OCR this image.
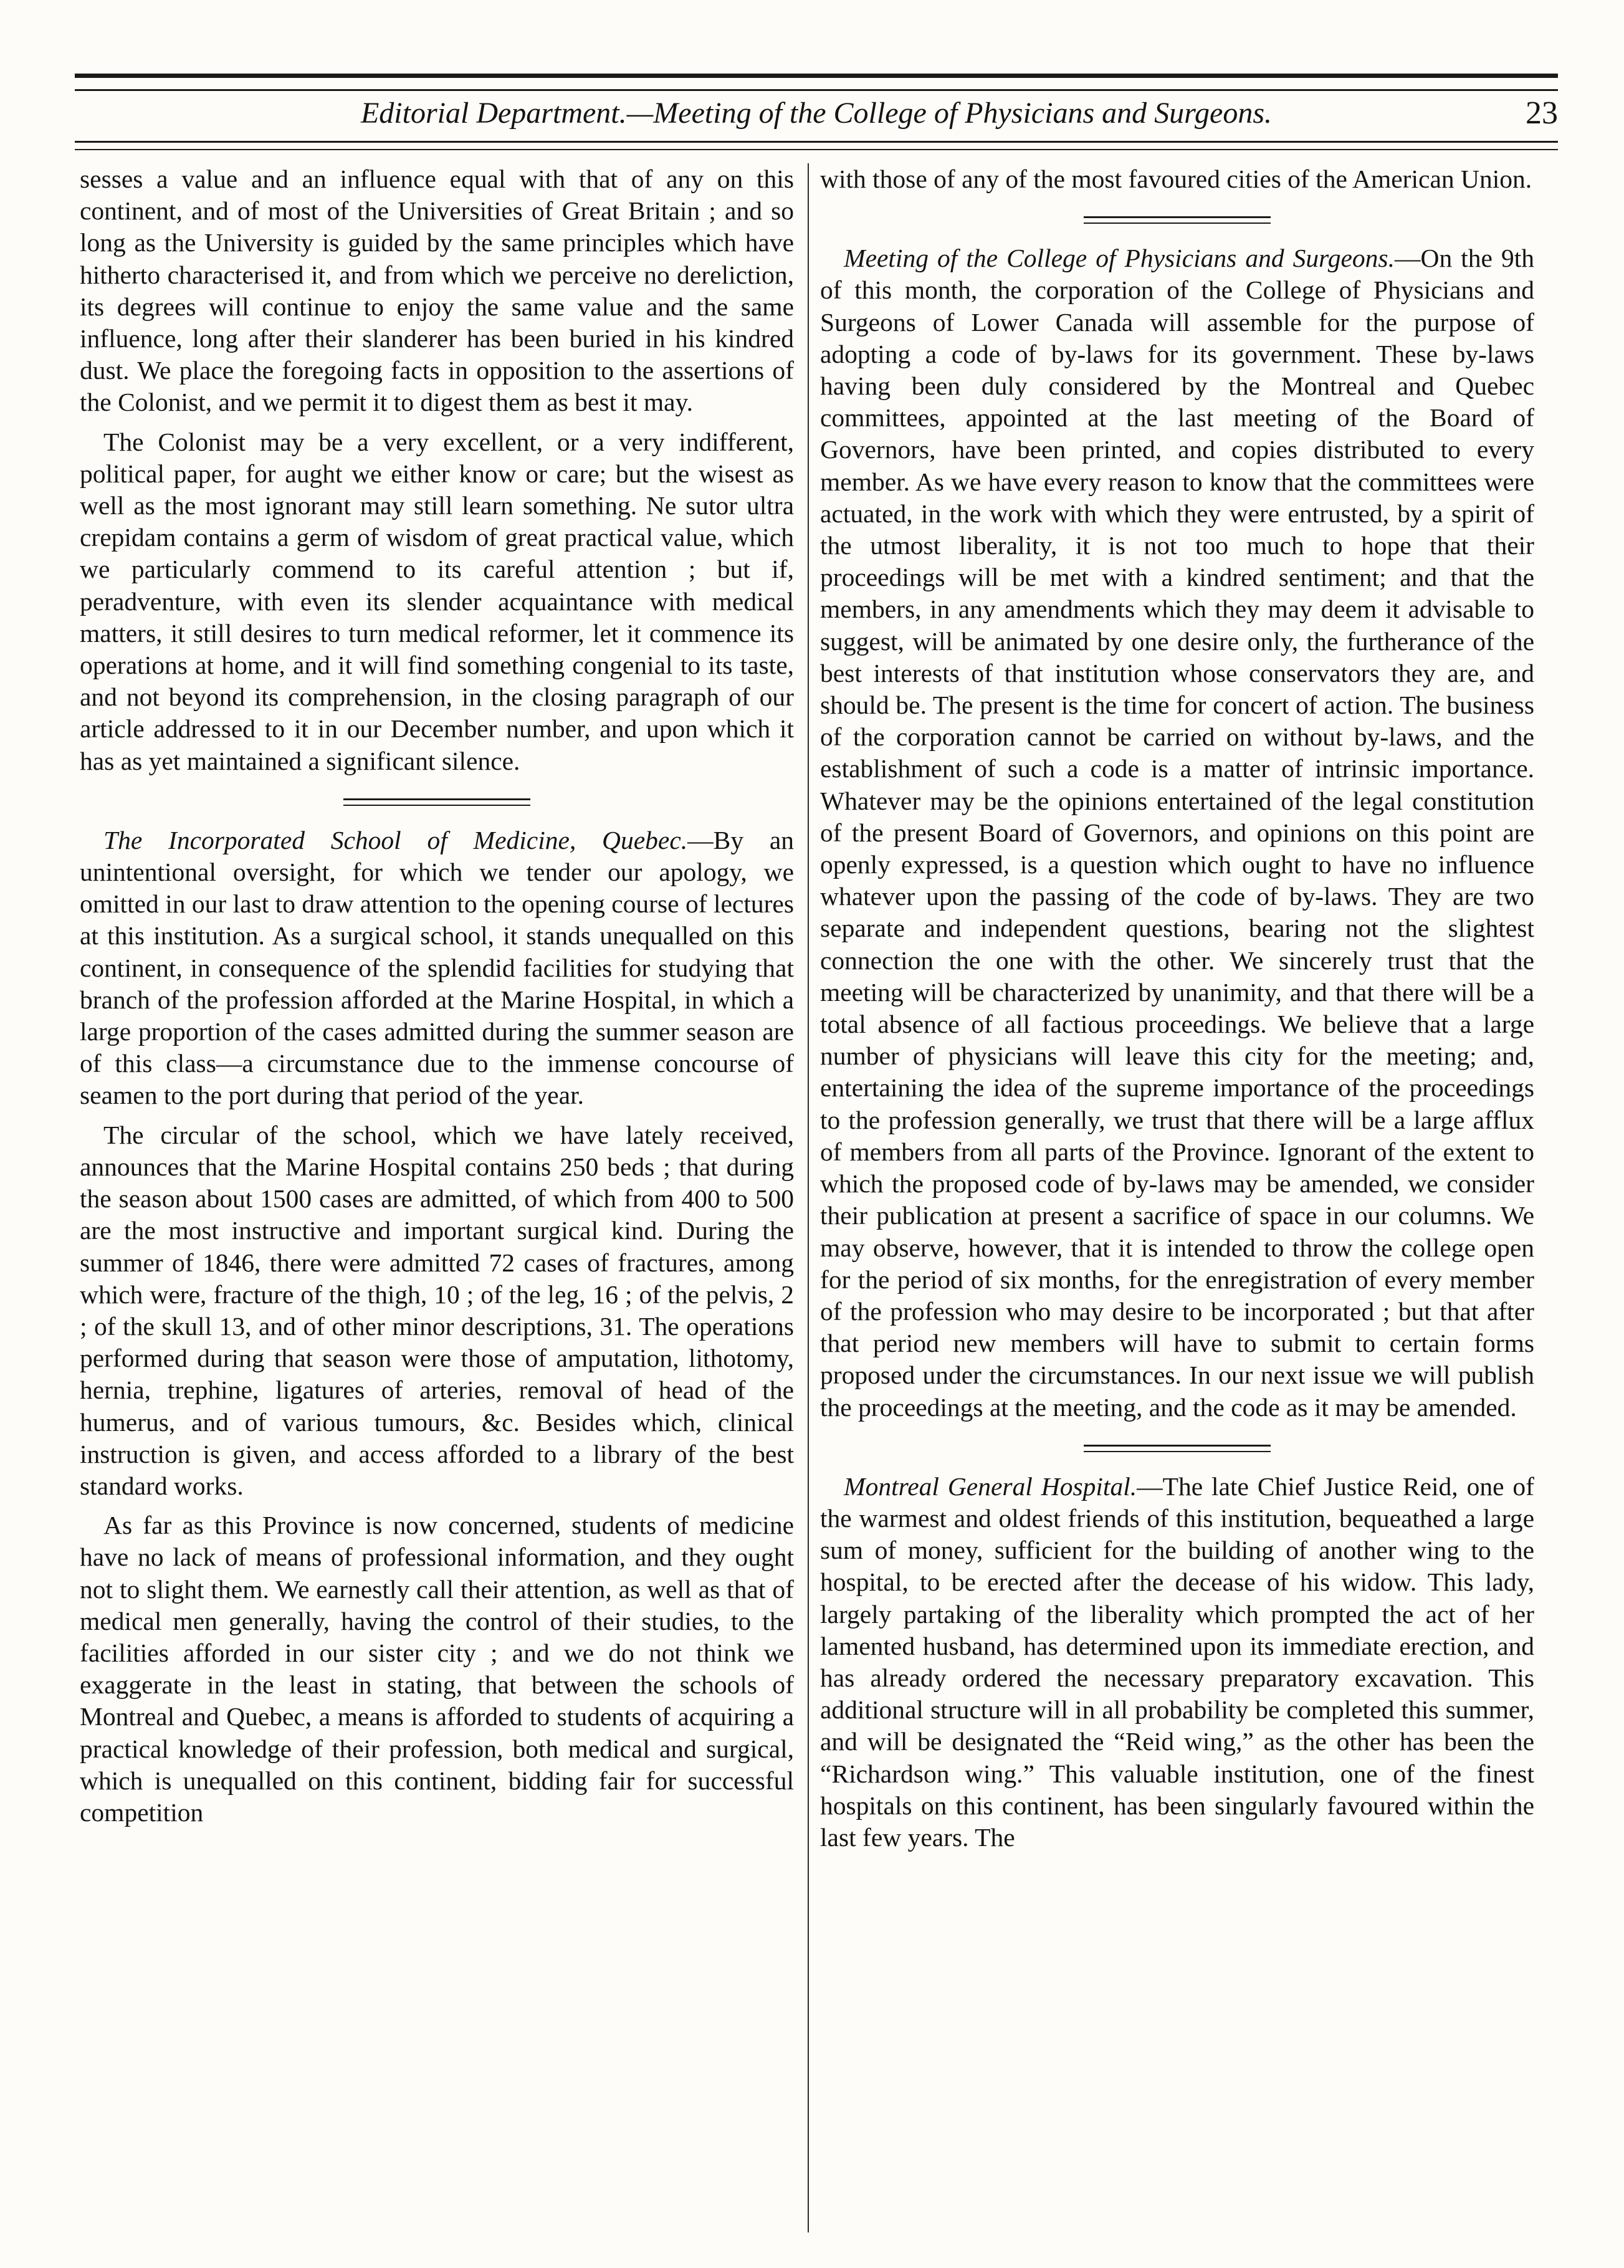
Editorial Department.—Meeting of the College of Physicians and Surgeons.	23

sesses a value and an influence equal with that of any on this continent, and of most of the Universities of Great Britain ; and so long as the University is guided by the same principles which have hitherto characterised it, and from which we perceive no dereliction, its degrees will continue to enjoy the same value and the same influence, long after their slanderer has been buried in his kindred dust. We place the foregoing facts in opposition to the assertions of the Colonist, and we permit it to digest them as best it may.

The Colonist may be a very excellent, or a very indifferent, political paper, for aught we either know or care; but the wisest as well as the most ignorant may still learn something. Ne sutor ultra crepidam contains a germ of wisdom of great practical value, which we particularly commend to its careful attention ; but if, peradventure, with even its slender acquaintance with medical matters, it still desires to turn medical reformer, let it commence its operations at home, and it will find something congenial to its taste, and not beyond its comprehension, in the closing paragraph of our article addressed to it in our December number, and upon which it has as yet maintained a significant silence.

The Incorporated School of Medicine, Quebec.—By an unintentional oversight, for which we tender our apology, we omitted in our last to draw attention to the opening course of lectures at this institution. As a surgical school, it stands unequalled on this continent, in consequence of the splendid facilities for studying that branch of the profession afforded at the Marine Hospital, in which a large proportion of the cases admitted during the summer season are of this class—a circumstance due to the immense concourse of seamen to the port during that period of the year.

The circular of the school, which we have lately received, announces that the Marine Hospital contains 250 beds ; that during the season about 1500 cases are admitted, of which from 400 to 500 are the most instructive and important surgical kind. During the summer of 1846, there were admitted 72 cases of fractures, among which were, fracture of the thigh, 10 ; of the leg, 16 ; of the pelvis, 2 ; of the skull 13, and of other minor descriptions, 31. The operations performed during that season were those of amputation, lithotomy, hernia, trephine, ligatures of arteries, removal of head of the humerus, and of various tumours, &c. Besides which, clinical instruction is given, and access afforded to a library of the best standard works.

As far as this Province is now concerned, students of medicine have no lack of means of professional information, and they ought not to slight them. We earnestly call their attention, as well as that of medical men generally, having the control of their studies, to the facilities afforded in our sister city ; and we do not think we exaggerate in the least in stating, that between the schools of Montreal and Quebec, a means is afforded to students of acquiring a practical knowledge of their profession, both medical and surgical, which is unequalled on this continent, bidding fair for successful competition

with those of any of the most favoured cities of the American Union.

Meeting of the College of Physicians and Surgeons.—On the 9th of this month, the corporation of the College of Physicians and Surgeons of Lower Canada will assemble for the purpose of adopting a code of by-laws for its government. These by-laws having been duly considered by the Montreal and Quebec committees, appointed at the last meeting of the Board of Governors, have been printed, and copies distributed to every member. As we have every reason to know that the committees were actuated, in the work with which they were entrusted, by a spirit of the utmost liberality, it is not too much to hope that their proceedings will be met with a kindred sentiment; and that the members, in any amendments which they may deem it advisable to suggest, will be animated by one desire only, the furtherance of the best interests of that institution whose conservators they are, and should be. The present is the time for concert of action. The business of the corporation cannot be carried on without by-laws, and the establishment of such a code is a matter of intrinsic importance. Whatever may be the opinions entertained of the legal constitution of the present Board of Governors, and opinions on this point are openly expressed, is a question which ought to have no influence whatever upon the passing of the code of by-laws. They are two separate and independent questions, bearing not the slightest connection the one with the other. We sincerely trust that the meeting will be characterized by unanimity, and that there will be a total absence of all factious proceedings. We believe that a large number of physicians will leave this city for the meeting; and, entertaining the idea of the supreme importance of the proceedings to the profession generally, we trust that there will be a large afflux of members from all parts of the Province. Ignorant of the extent to which the proposed code of by-laws may be amended, we consider their publication at present a sacrifice of space in our columns. We may observe, however, that it is intended to throw the college open for the period of six months, for the enregistration of every member of the profession who may desire to be incorporated ; but that after that period new members will have to submit to certain forms proposed under the circumstances. In our next issue we will publish the proceedings at the meeting, and the code as it may be amended.

Montreal General Hospital.—The late Chief Justice Reid, one of the warmest and oldest friends of this institution, bequeathed a large sum of money, sufficient for the building of another wing to the hospital, to be erected after the decease of his widow. This lady, largely partaking of the liberality which prompted the act of her lamented husband, has determined upon its immediate erection, and has already ordered the necessary preparatory excavation. This additional structure will in all probability be completed this summer, and will be designated the “Reid wing,” as the other has been the “Richardson wing.” This valuable institution, one of the finest hospitals on this continent, has been singularly favoured within the last few years. The
